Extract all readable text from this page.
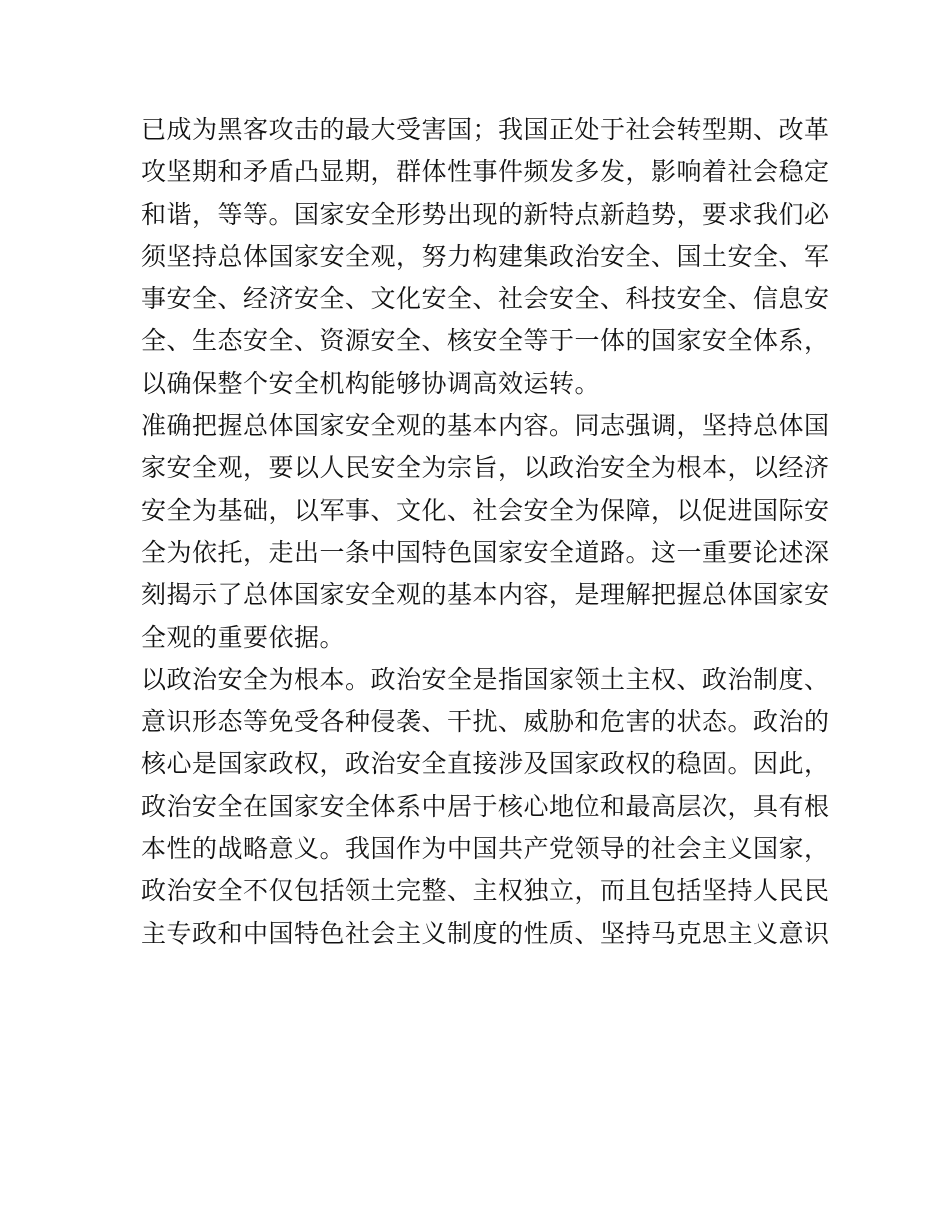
已成为黑客攻击的最大受害国；我国正处于社会转型期、改革
攻坚期和矛盾凸显期，群体性事件频发多发，影响着社会稳定
和谐，等等。国家安全形势出现的新特点新趋势，要求我们必
须坚持总体国家安全观，努力构建集政治安全、国土安全、军
事安全、经济安全、文化安全、社会安全、科技安全、信息安
全、生态安全、资源安全、核安全等于一体的国家安全体系，
以确保整个安全机构能够协调高效运转。
准确把握总体国家安全观的基本内容。同志强调，坚持总体国
家安全观，要以人民安全为宗旨，以政治安全为根本，以经济
安全为基础，以军事、文化、社会安全为保障，以促进国际安
全为依托，走出一条中国特色国家安全道路。这一重要论述深
刻揭示了总体国家安全观的基本内容，是理解把握总体国家安
全观的重要依据。
以政治安全为根本。政治安全是指国家领土主权、政治制度、
意识形态等免受各种侵袭、干扰、威胁和危害的状态。政治的
核心是国家政权，政治安全直接涉及国家政权的稳固。因此，
政治安全在国家安全体系中居于核心地位和最高层次，具有根
本性的战略意义。我国作为中国共产党领导的社会主义国家，
政治安全不仅包括领土完整、主权独立，而且包括坚持人民民
主专政和中国特色社会主义制度的性质、坚持马克思主义意识
